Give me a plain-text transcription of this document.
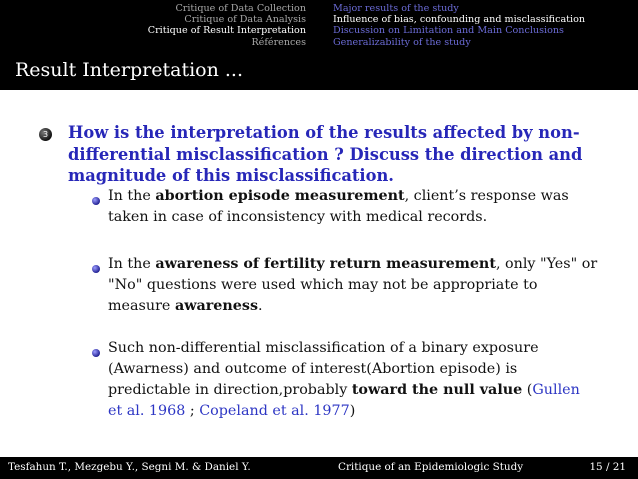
Critique of Data Collection
Critique of Data Analysis
Critique of Result Interpretation
Références
Major results of the study
Influence of bias, confounding and misclassification
Discussion on Limitation and Main Conclusions
Generalizability of the study
Result Interpretation ...
3 How is the interpretation of the results affected by non-differential misclassification ? Discuss the direction and magnitude of this misclassification.
In the abortion episode measurement, client’s response was taken in case of inconsistency with medical records.
In the awareness of fertility return measurement, only "Yes" or "No" questions were used which may not be appropriate to measure awareness.
Such non-differential misclassification of a binary exposure (Awarness) and outcome of interest(Abortion episode) is predictable in direction,probably toward the null value (Gullen et al. 1968 ; Copeland et al. 1977)
Tesfahun T., Mezgebu Y., Segni M. & Daniel Y.	Critique of an Epidemiologic Study	15 / 21
